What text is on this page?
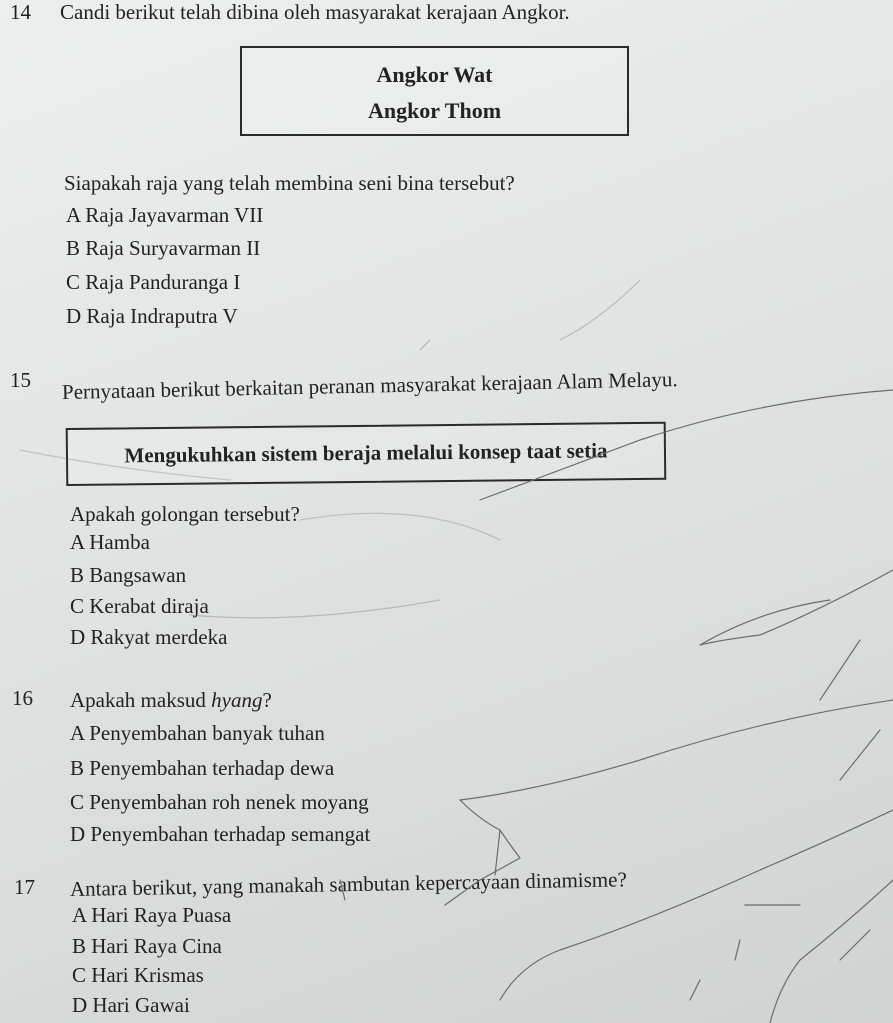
14 Candi berikut telah dibina oleh masyarakat kerajaan Angkor.
Angkor Wat
Angkor Thom
Siapakah raja yang telah membina seni bina tersebut?
A Raja Jayavarman VII
B Raja Suryavarman II
C Raja Panduranga I
D Raja Indraputra V
15 Pernyataan berikut berkaitan peranan masyarakat kerajaan Alam Melayu.
Mengukuhkan sistem beraja melalui konsep taat setia
Apakah golongan tersebut?
A Hamba
B Bangsawan
C Kerabat diraja
D Rakyat merdeka
16 Apakah maksud hyang?
A Penyembahan banyak tuhan
B Penyembahan terhadap dewa
C Penyembahan roh nenek moyang
D Penyembahan terhadap semangat
17 Antara berikut, yang manakah sambutan kepercayaan dinamisme?
A Hari Raya Puasa
B Hari Raya Cina
C Hari Krismas
D Hari Gawai
